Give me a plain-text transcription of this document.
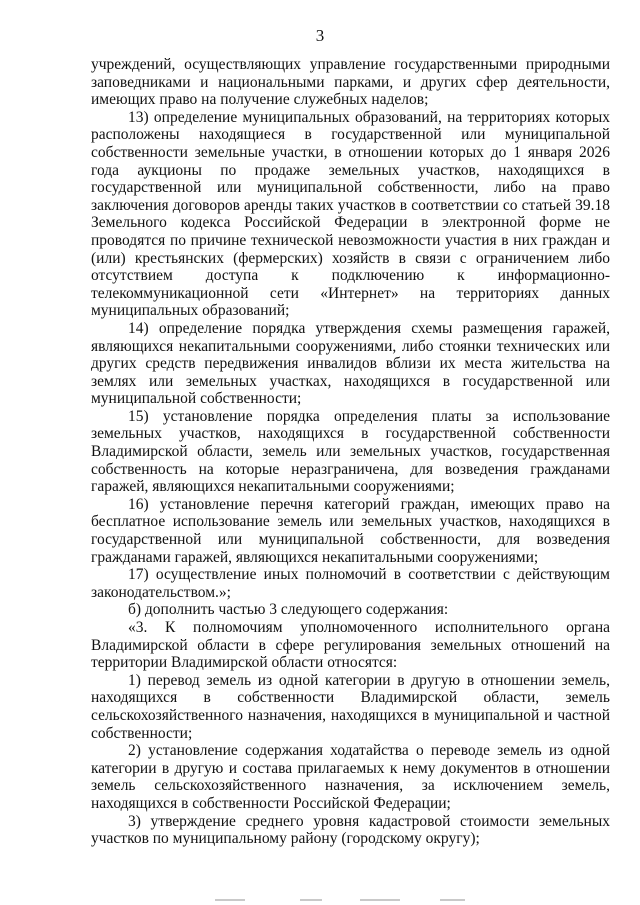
3

учреждений, осуществляющих управление государственными природными заповедниками и национальными парками, и других сфер деятельности, имеющих право на получение служебных наделов;

13) определение муниципальных образований, на территориях которых расположены находящиеся в государственной или муниципальной собственности земельные участки, в отношении которых до 1 января 2026 года аукционы по продаже земельных участков, находящихся в государственной или муниципальной собственности, либо на право заключения договоров аренды таких участков в соответствии со статьей 39.18 Земельного кодекса Российской Федерации в электронной форме не проводятся по причине технической невозможности участия в них граждан и (или) крестьянских (фермерских) хозяйств в связи с ограничением либо отсутствием доступа к подключению к информационно-телекоммуникационной сети «Интернет» на территориях данных муниципальных образований;

14) определение порядка утверждения схемы размещения гаражей, являющихся некапитальными сооружениями, либо стоянки технических или других средств передвижения инвалидов вблизи их места жительства на землях или земельных участках, находящихся в государственной или муниципальной собственности;

15) установление порядка определения платы за использование земельных участков, находящихся в государственной собственности Владимирской области, земель или земельных участков, государственная собственность на которые неразграничена, для возведения гражданами гаражей, являющихся некапитальными сооружениями;

16) установление перечня категорий граждан, имеющих право на бесплатное использование земель или земельных участков, находящихся в государственной или муниципальной собственности, для возведения гражданами гаражей, являющихся некапитальными сооружениями;

17) осуществление иных полномочий в соответствии с действующим законодательством.»;

б) дополнить частью 3 следующего содержания:

«3. К полномочиям уполномоченного исполнительного органа Владимирской области в сфере регулирования земельных отношений на территории Владимирской области относятся:

1) перевод земель из одной категории в другую в отношении земель, находящихся в собственности Владимирской области, земель сельскохозяйственного назначения, находящихся в муниципальной и частной собственности;

2) установление содержания ходатайства о переводе земель из одной категории в другую и состава прилагаемых к нему документов в отношении земель сельскохозяйственного назначения, за исключением земель, находящихся в собственности Российской Федерации;

3) утверждение среднего уровня кадастровой стоимости земельных участков по муниципальному району (городскому округу);
